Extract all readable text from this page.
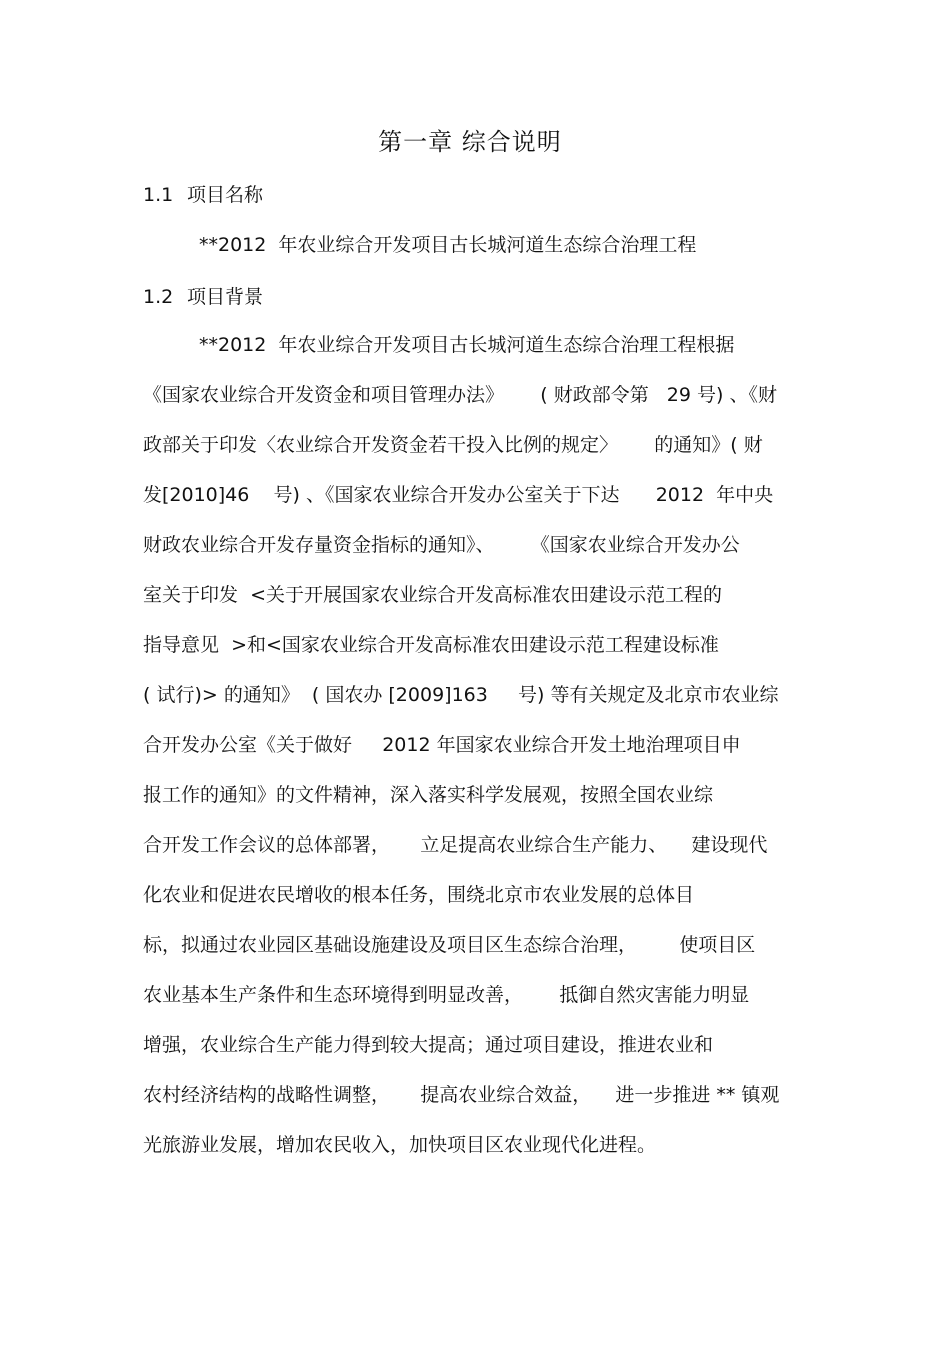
第一章 综合说明
1.1 项目名称
**2012  年农业综合开发项目古长城河道生态综合治理工程
1.2 项目背景
**2012  年农业综合开发项目古长城河道生态综合治理工程根据
《国家农业综合开发资金和项目管理办法》      ( 财政部令第   29 号) 、《财
政部关于印发〈农业综合开发资金若干投入比例的规定〉      的通知》( 财
发[2010]46    号) 、《国家农业综合开发办公室关于下达      2012  年中央
财政农业综合开发存量资金指标的通知》、      《国家农业综合开发办公
室关于印发  <关于开展国家农业综合开发高标准农田建设示范工程的
指导意见  >和<国家农业综合开发高标准农田建设示范工程建设标准
( 试行)> 的通知》  ( 国农办 [2009]163     号) 等有关规定及北京市农业综
合开发办公室《关于做好     2012 年国家农业综合开发土地治理项目申
报工作的通知》的文件精神，深入落实科学发展观，按照全国农业综
合开发工作会议的总体部署，     立足提高农业综合生产能力、    建设现代
化农业和促进农民增收的根本任务，围绕北京市农业发展的总体目
标，拟通过农业园区基础设施建设及项目区生态综合治理，       使项目区
农业基本生产条件和生态环境得到明显改善，      抵御自然灾害能力明显
增强，农业综合生产能力得到较大提高；通过项目建设，推进农业和
农村经济结构的战略性调整，     提高农业综合效益，    进一步推进 ** 镇观
光旅游业发展，增加农民收入，加快项目区农业现代化进程。
